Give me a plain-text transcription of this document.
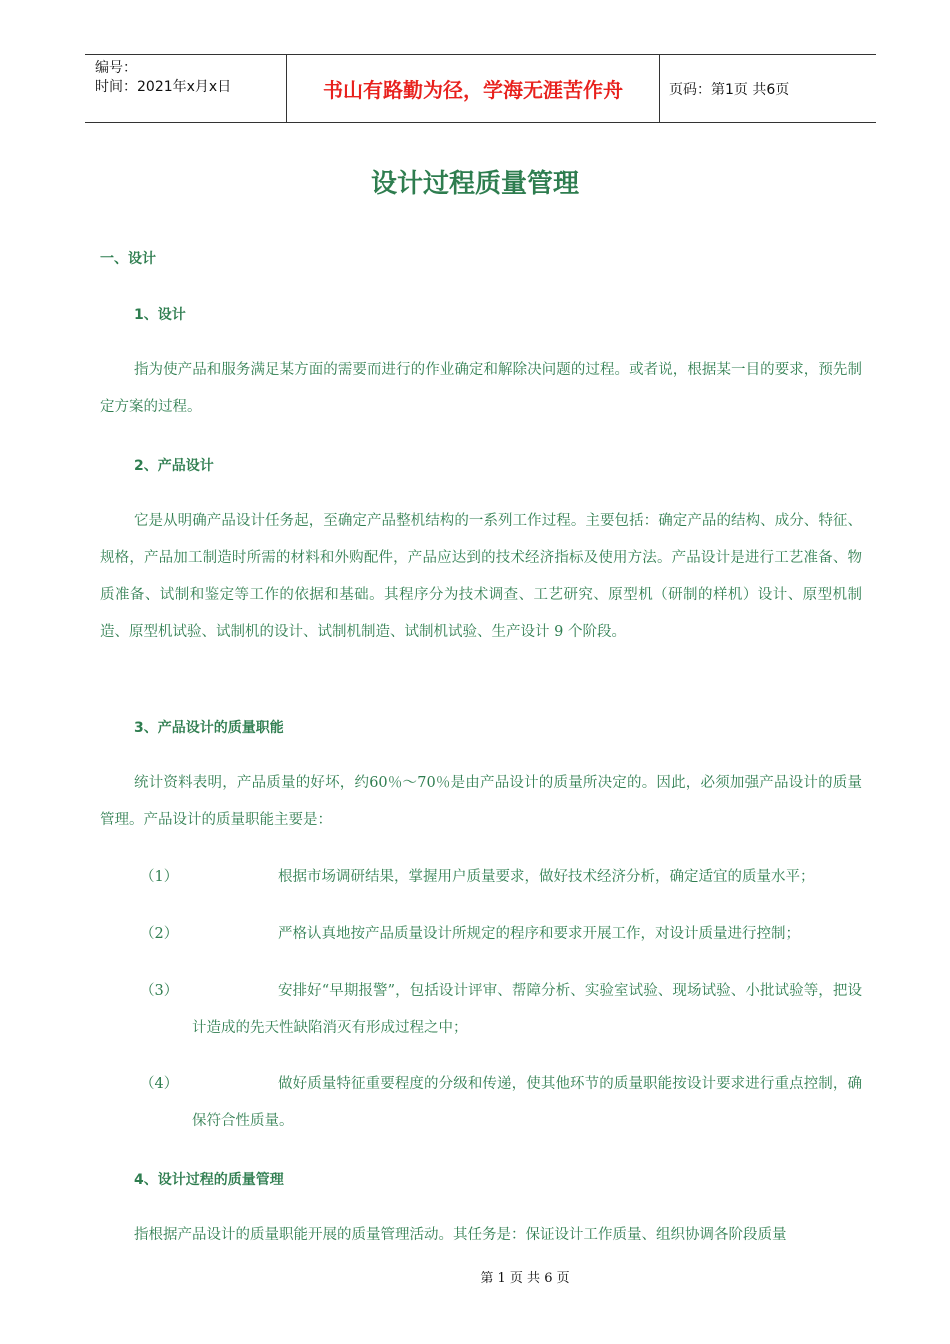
编号：
时间：2021年x月x日	书山有路勤为径，学海无涯苦作舟	页码：第1页 共6页
设计过程质量管理
一、设计
1、设计
指为使产品和服务满足某方面的需要而进行的作业确定和解除决问题的过程。或者说，根据某一目的要求，预先制定方案的过程。
2、产品设计
它是从明确产品设计任务起，至确定产品整机结构的一系列工作过程。主要包括：确定产品的结构、成分、特征、规格，产品加工制造时所需的材料和外购配件，产品应达到的技术经济指标及使用方法。产品设计是进行工艺准备、物质准备、试制和鉴定等工作的依据和基础。其程序分为技术调查、工艺研究、原型机（研制的样机）设计、原型机制造、原型机试验、试制机的设计、试制机制造、试制机试验、生产设计 9 个阶段。
3、产品设计的质量职能
统计资料表明，产品质量的好坏，约60％～70％是由产品设计的质量所决定的。因此，必须加强产品设计的质量管理。产品设计的质量职能主要是：
（1）	根据市场调研结果，掌握用户质量要求，做好技术经济分析，确定适宜的质量水平；
（2）	严格认真地按产品质量设计所规定的程序和要求开展工作，对设计质量进行控制；
（3）	安排好“早期报警”，包括设计评审、帮障分析、实验室试验、现场试验、小批试验等，把设计造成的先天性缺陷消灭有形成过程之中；
（4）	做好质量特征重要程度的分级和传递，使其他环节的质量职能按设计要求进行重点控制，确保符合性质量。
4、设计过程的质量管理
指根据产品设计的质量职能开展的质量管理活动。其任务是：保证设计工作质量、组织协调各阶段质量
第 1 页 共 6 页
